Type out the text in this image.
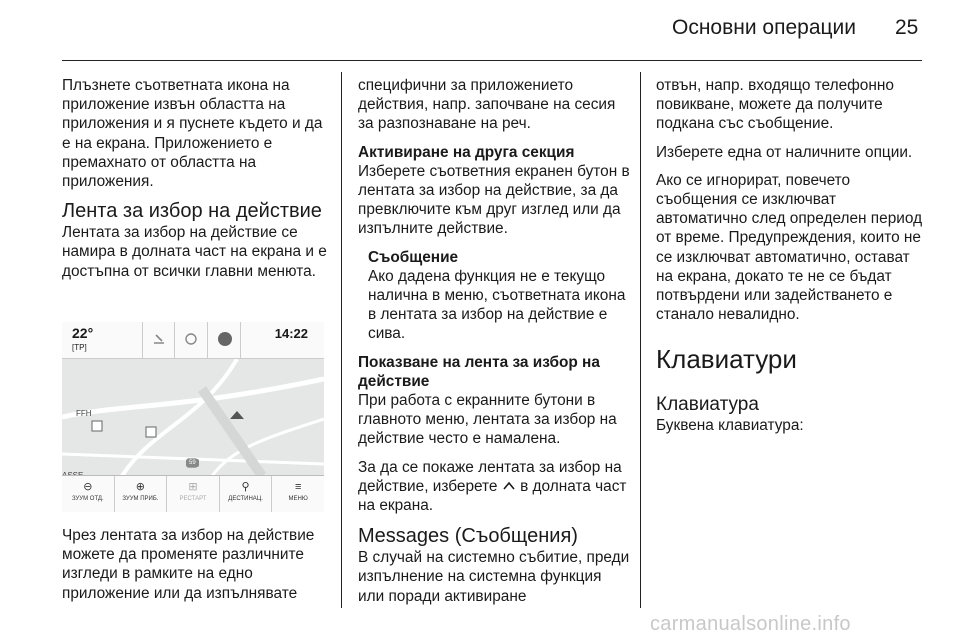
Основни операции 25

Плъзнете съответната икона на приложение извън областта на приложения и я пуснете където и да е на екрана. Приложението е премахнато от областта на приложения.

Лента за избор на действие

Лентата за избор на действие се намира в долната част на екрана и е достъпна от всички главни менюта.

22°
[TP]
14:22
FFH
59
⊖
ЗУУМ ОТД.
⊕
ЗУУМ ПРИБ.
⊞
РЕСТАРТ
⚲
ДЕСТИНАЦ.
≡
МЕНЮ

Чрез лентата за избор на действие можете да променяте различните изгледи в рамките на едно приложение или да изпълнявате

специфични за приложението действия, напр. започване на сесия за разпознаване на реч.

Активиране на друга секция

Изберете съответния екранен бутон в лентата за избор на действие, за да превключите към друг изглед или да изпълните действие.

Съобщение

Ако дадена функция не е текущо налична в меню, съответната икона в лентата за избор на действие е сива.

Показване на лента за избор на действие

При работа с екранните бутони в главното меню, лентата за избор на действие често е намалена.

За да се покаже лентата за избор на действие, изберете в долната част на екрана.

Messages (Съобщения)

В случай на системно събитие, преди изпълнение на системна функция или поради активиране

отвън, напр. входящо телефонно повикване, можете да получите подкана със съобщение.

Изберете една от наличните опции.

Ако се игнорират, повечето съобщения се изключват автоматично след определен период от време. Предупреждения, които не се изключват автоматично, остават на екрана, докато те не се бъдат потвърдени или задействането е станало невалидно.

Клавиатури
Клавиатура

Буквена клавиатура:

carmanualsonline.info
